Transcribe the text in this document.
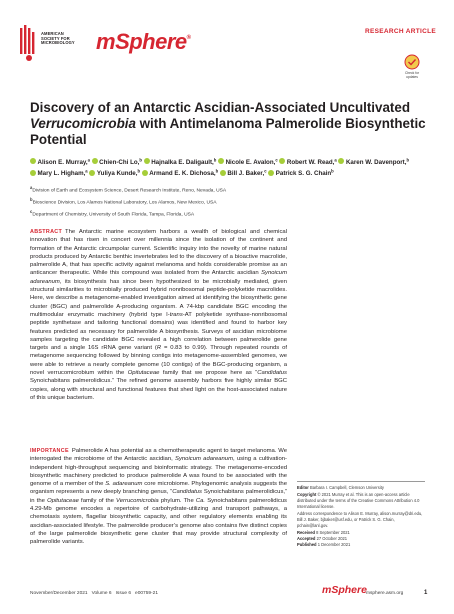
AMERICAN
SOCIETY FOR
MICROBIOLOGY mSphere®
RESEARCH ARTICLE
Check for
updates
Discovery of an Antarctic Ascidian-Associated Uncultivated Verrucomicrobia with Antimelanoma Palmerolide Biosynthetic Potential
Alison E. Murray,$^a$ Chien-Chi Lo,$^b$ Hajnalka E. Daligault,$^b$ Nicole E. Avalon,$^c$ Robert W. Read,$^a$ Karen W. Davenport,$^b$ Mary L. Higham,$^a$ Yuliya Kunde,$^b$ Armand E. K. Dichosa,$^b$ Bill J. Baker,$^c$ Patrick S. G. Chain$^b$
aDivision of Earth and Ecosystem Science, Desert Research Institute, Reno, Nevada, USA
bBioscience Division, Los Alamos National Laboratory, Los Alamos, New Mexico, USA
cDepartment of Chemistry, University of South Florida, Tampa, Florida, USA
ABSTRACT The Antarctic marine ecosystem harbors a wealth of biological and chemical innovation that has risen in concert over millennia since the isolation of the continent and formation of the Antarctic circumpolar current. Scientific inquiry into the novelty of marine natural products produced by Antarctic benthic invertebrates led to the discovery of a bioactive macrolide, palmerolide A, that has specific activity against melanoma and holds considerable promise as an anticancer therapeutic. While this compound was isolated from the Antarctic ascidian Synoicum adareanum, its biosynthesis has since been hypothesized to be microbially mediated, given structural similarities to microbially produced hybrid nonribosomal peptide-polyketide macrolides. Here, we describe a metagenome-enabled investigation aimed at identifying the biosynthetic gene cluster (BGC) and palmerolide A-producing organism. A 74-kbp candidate BGC encoding the multimodular enzymatic machinery (hybrid type I-trans-AT polyketide synthase-nonribosomal peptide synthetase and tailoring functional domains) was identified and found to harbor key features predicted as necessary for palmerolide A biosynthesis. Surveys of ascidian microbiome samples targeting the candidate BGC revealed a high correlation between palmerolide gene targets and a single 16S rRNA gene variant (R = 0.83 to 0.99). Through repeated rounds of metagenome sequencing followed by binning contigs into metagenome-assembled genomes, we were able to retrieve a nearly complete genome (10 contigs) of the BGC-producing organism, a novel verrucomicrobium within the Opitutaceae family that we propose here as “Candidatus Synoichabitans palmerolidicus.” The refined genome assembly harbors five highly similar BGC copies, along with structural and functional features that shed light on the host-associated nature of this unique bacterium.
IMPORTANCE Palmerolide A has potential as a chemotherapeutic agent to target melanoma. We interrogated the microbiome of the Antarctic ascidian, Synoicum adareanum, using a cultivation-independent high-throughput sequencing and bioinformatic strategy. The metagenome-encoded biosynthetic machinery predicted to produce palmerolide A was found to be associated with the genome of a member of the S. adareanum core microbiome. Phylogenomic analysis suggests the organism represents a new deeply branching genus, “Candidatus Synoichabitans palmerolidicus,” in the Opitutaceae family of the Verrucomicrobia phylum. The Ca. Synoichabitans palmerolidicus 4.29-Mb genome encodes a repertoire of carbohydrate-utilizing and transport pathways, a chemotaxis system, flagellar biosynthetic capacity, and other regulatory elements enabling its ascidian-associated lifestyle. The palmerolide producer’s genome also contains five distinct copies of the large palmerolide biosynthetic gene cluster that may provide structural complexity of palmerolide variants.

Editor Barbara I. Campbell, Clemson University

Copyright © 2021 Murray et al. This is an open-access article distributed under the terms of the Creative Commons Attribution 4.0 International license.

Address correspondence to Alison E. Murray, alison.murray@dri.edu, Bill J. Baker, bjbaker@usf.edu, or Patrick S. G. Chain, pchain@lanl.gov.

Received 8 September 2021

Accepted 27 October 2021

Published 1 December 2021

November/December 2021   Volume 6   Issue 6   e00759-21	mSphere msphere.asm.org	1
